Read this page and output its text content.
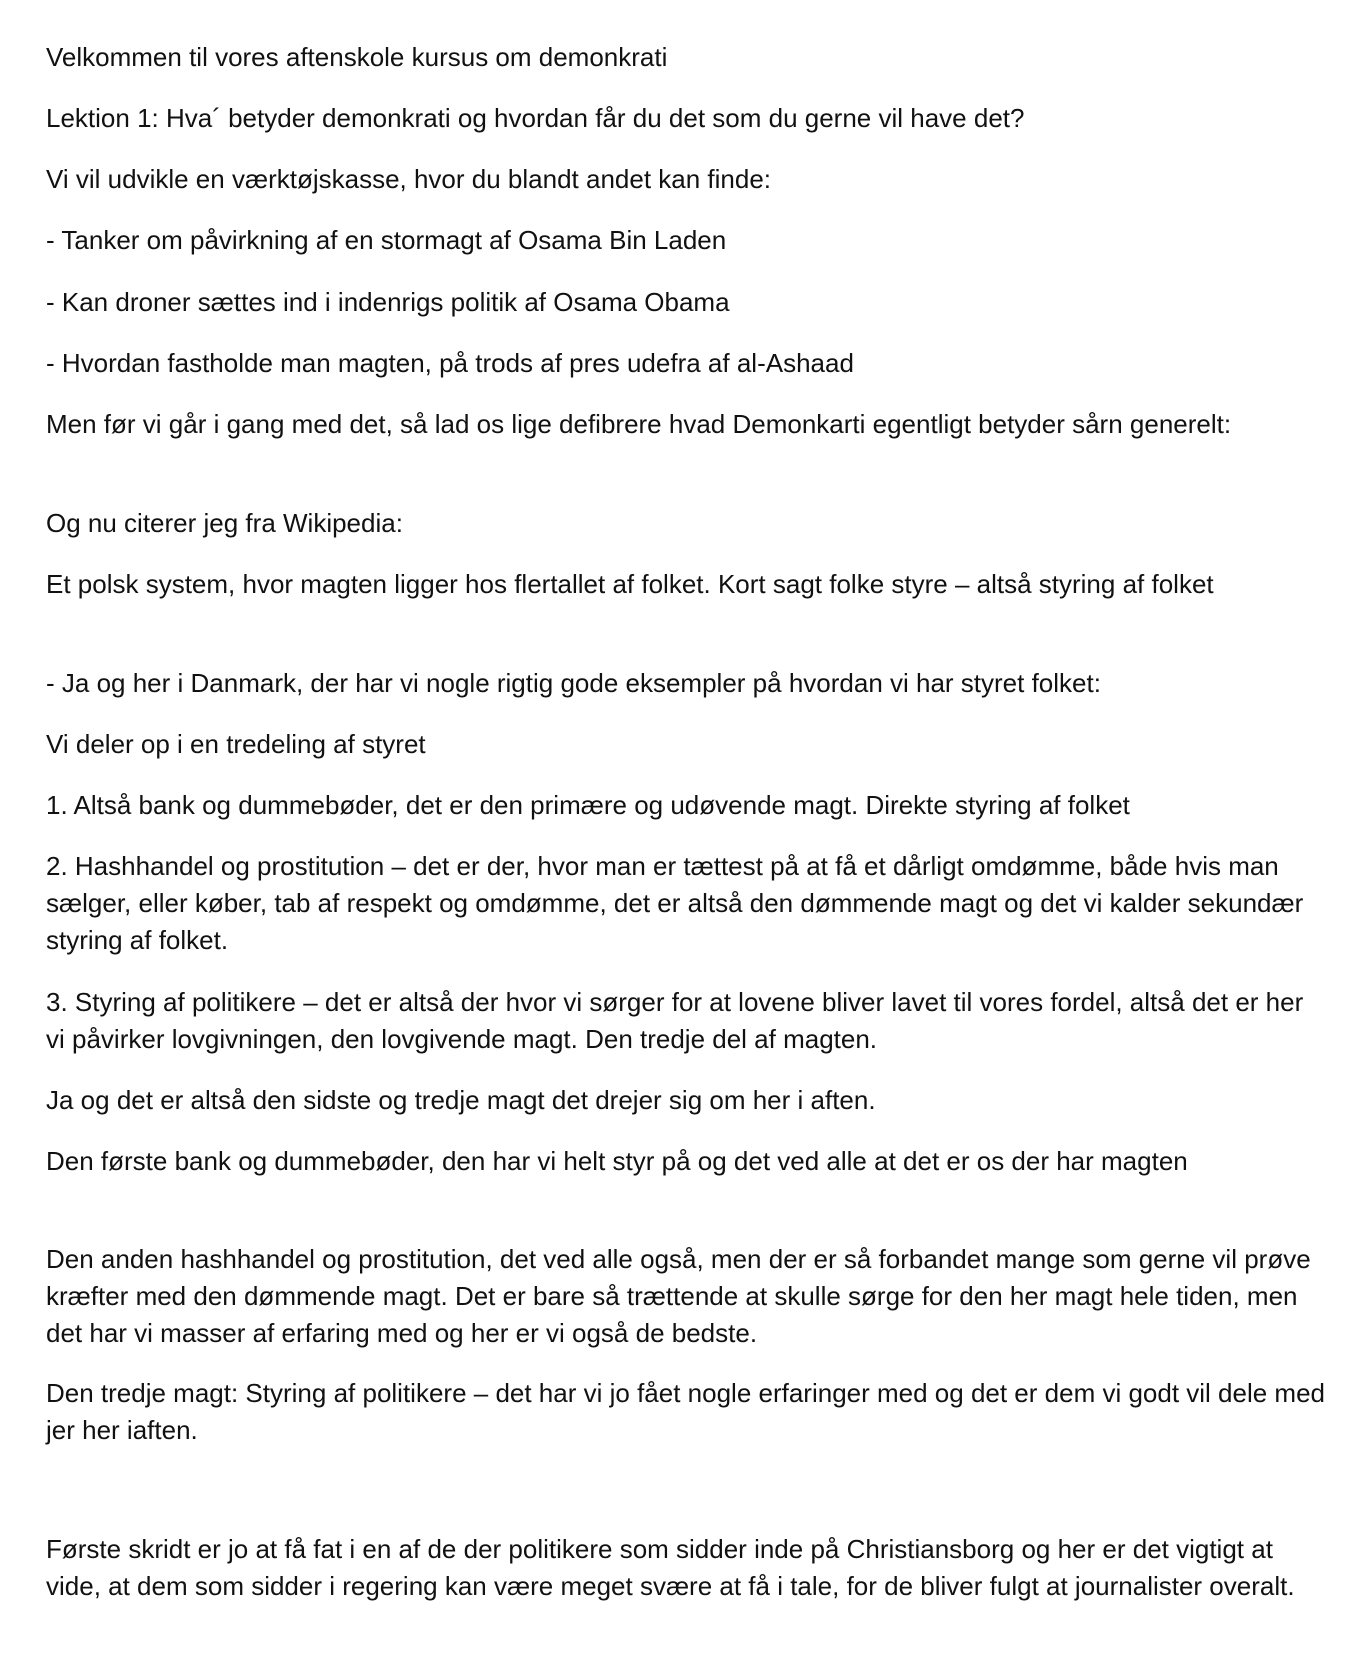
Velkommen til vores aftenskole kursus om demonkrati

Lektion 1: Hva´ betyder demonkrati og hvordan får du det som du gerne vil have det?

Vi vil udvikle en værktøjskasse, hvor du blandt andet kan finde:

- Tanker om påvirkning af en stormagt af Osama Bin Laden

- Kan droner sættes ind i indenrigs politik af Osama Obama

- Hvordan fastholde man magten, på trods af pres udefra af al-Ashaad

Men før vi går i gang med det, så lad os lige defibrere hvad Demonkarti egentligt betyder sårn generelt:

Og nu citerer jeg fra Wikipedia:

Et polsk system, hvor magten ligger hos flertallet af folket. Kort sagt folke styre – altså styring af folket

- Ja og her i Danmark, der har vi nogle rigtig gode eksempler på hvordan vi har styret folket:

Vi deler op i en tredeling af styret

1. Altså bank og dummebøder, det er den primære og udøvende magt. Direkte styring af folket

2. Hashhandel og prostitution – det er der, hvor man er tættest på at få et dårligt omdømme, både hvis man sælger, eller køber, tab af respekt og omdømme, det er altså den dømmende magt og det vi kalder sekundær styring af folket.

3. Styring af politikere – det er altså der hvor vi sørger for at lovene bliver lavet til vores fordel, altså det er her vi påvirker lovgivningen, den lovgivende magt. Den tredje del af magten.

Ja og det er altså den sidste og tredje magt det drejer sig om her i aften.

Den første bank og dummebøder, den har vi helt styr på og det ved alle at det er os der har magten

Den anden hashhandel og prostitution, det ved alle også, men der er så forbandet mange som gerne vil prøve kræfter med den dømmende magt. Det er bare så trættende at skulle sørge for den her magt hele tiden, men det har vi masser af erfaring med og her er vi også de bedste.

Den tredje magt: Styring af politikere – det har vi jo fået nogle erfaringer med og det er dem vi godt vil dele med jer her iaften.

Første skridt er jo at få fat i en af de der politikere som sidder inde på Christiansborg og her er det vigtigt at vide, at dem som sidder i regering kan være meget svære at få i tale, for de bliver fulgt at journalister overalt.
